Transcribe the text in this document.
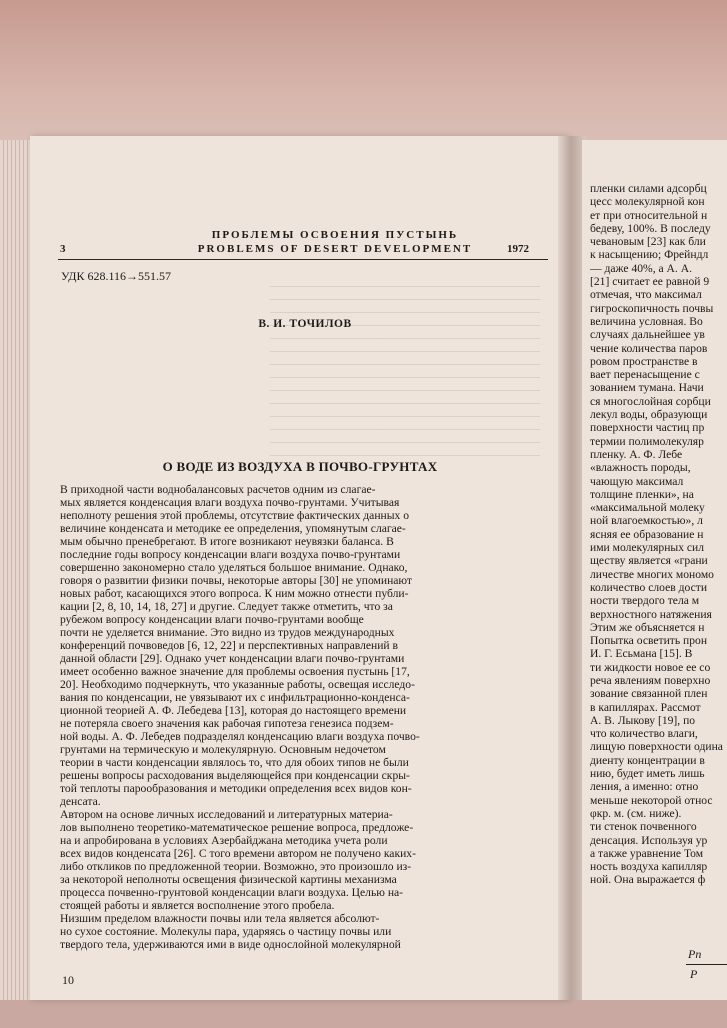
3
ПРОБЛЕМЫ ОСВОЕНИЯ ПУСТЫНЬ
PROBLEMS OF DESERT DEVELOPMENT	1972
УДК 628.116→551.57
В. И. ТОЧИЛОВ
О ВОДЕ ИЗ ВОЗДУХА В ПОЧВО-ГРУНТАХ
В приходной части воднобалансовых расчетов одним из слагае-
мых является конденсация влаги воздуха почво-грунтами. Учитывая
неполноту решения этой проблемы, отсутствие фактических данных о
величине конденсата и методике ее определения, упомянутым слагае-
мым обычно пренебрегают. В итоге возникают неувязки баланса. В
последние годы вопросу конденсации влаги воздуха почво-грунтами
совершенно закономерно стало уделяться большое внимание. Однако,
говоря о развитии физики почвы, некоторые авторы [30] не упоминают
новых работ, касающихся этого вопроса. К ним можно отнести публи-
кации [2, 8, 10, 14, 18, 27] и другие. Следует также отметить, что за
рубежом вопросу конденсации влаги почво-грунтами вообще
почти не уделяется внимание. Это видно из трудов международных
конференций почвоведов [6, 12, 22] и перспективных направлений в
данной области [29]. Однако учет конденсации влаги почво-грунтами
имеет особенно важное значение для проблемы освоения пустынь [17,
20]. Необходимо подчеркнуть, что указанные работы, освещая исследо-
вания по конденсации, не увязывают их с инфильтрационно-конденса-
ционной теорией А. Ф. Лебедева [13], которая до настоящего времени
не потеряла своего значения как рабочая гипотеза генезиса подзем-
ной воды. А. Ф. Лебедев подразделял конденсацию влаги воздуха почво-
грунтами на термическую и молекулярную. Основным недочетом
теории в части конденсации являлось то, что для обоих типов не были
решены вопросы расходования выделяющейся при конденсации скры-
той теплоты парообразования и методики определения всех видов кон-
денсата.
Автором на основе личных исследований и литературных материа-
лов выполнено теоретико-математическое решение вопроса, предложе-
на и апробирована в условиях Азербайджана методика учета роли
всех видов конденсата [26]. С того времени автором не получено каких-
либо откликов по предложенной теории. Возможно, это произошло из-
за некоторой неполноты освещения физической картины механизма
процесса почвенно-грунтовой конденсации влаги воздуха. Целью на-
стоящей работы и является восполнение этого пробела.
Низшим пределом влажности почвы или тела является абсолют-
но сухое состояние. Молекулы пара, ударяясь о частицу почвы или
твердого тела, удерживаются ими в виде однослойной молекулярной
10
пленки силами адсорбц
цесс молекулярной кон
ет при относительной н
бедеву, 100%. В последу
чевановым [23] как бли
к насыщению; Фрейндл
— даже 40%, а А. А.
[21] считает ее равной 9
отмечая, что максимал
гигроскопичность почвы
величина условная. Во
случаях дальнейшее ув
чение количества паров
ровом пространстве в
вает перенасыщение с
зованием тумана. Начи
ся многослойная сорбци
лекул воды, образующи
поверхности частиц пр
термии полимолекуляр
пленку. А. Ф. Лебе
«влажность породы,
чающую максимал
толщине пленки», на
«максимальной молеку
ной влагоемкостью», л
ясняя ее образование н
ими молекулярных сил
ществу является «грани
личестве многих мономо
количество слоев дости
ности твердого тела м
верхностного натяжения
Этим же объясняется н
Попытка осветить прон
И. Г. Есьмана [15]. В
ти жидкости новое ее со
реча явлениям поверхно
зование связанной плен
в капиллярах. Рассмот
А. В. Лыкову [19], по
что количество влаги,
лищую поверхности одина
диенту концентрации в
нию, будет иметь лишь
ления, а именно: отно
меньше некоторой относ
φкр. м. (см. ниже).
ти стенок почвенного
денсация. Используя ур
а также уравнение Том
ность воздуха капилляр
ной. Она выражается ф
Pn
P
